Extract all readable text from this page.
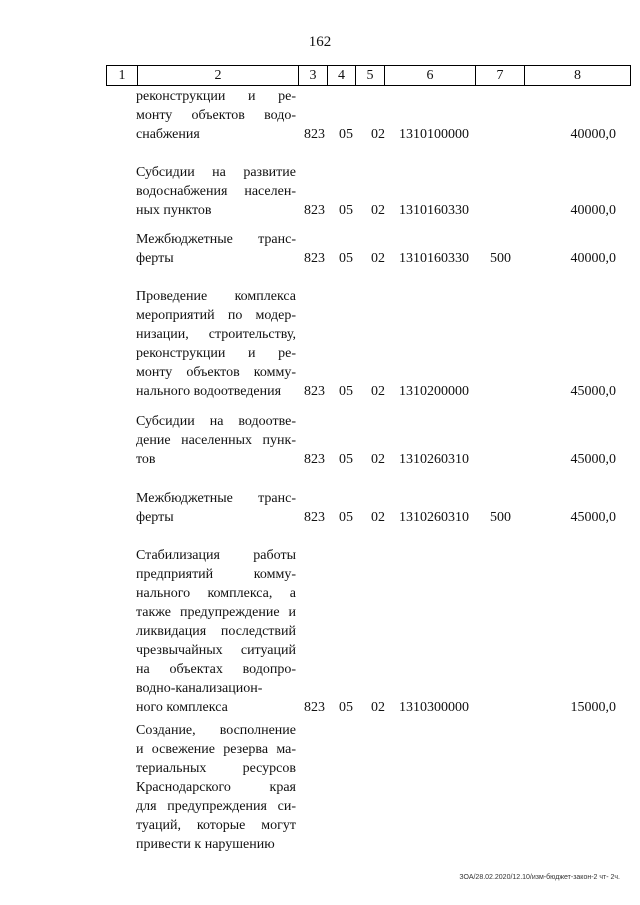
162
1	2	3	4	5	6	7	8
реконструкции и ре-
монту объектов водо-
снабжения	823 05 02 1310100000	40000,0
Субсидии на развитие
водоснабжения населен-
ных пунктов	823 05 02 1310160330	40000,0
Межбюджетные транс-
ферты	823 05 02 1310160330 500	40000,0
Проведение комплекса
мероприятий по модер-
низации, строительству,
реконструкции и ре-
монту объектов комму-
нального водоотведения	823 05 02 1310200000	45000,0
Субсидии на водоотве-
дение населенных пунк-
тов	823 05 02 1310260310	45000,0
Межбюджетные транс-
ферты	823 05 02 1310260310 500	45000,0
Стабилизация работы
предприятий комму-
нального комплекса, а
также предупреждение и
ликвидация последствий
чрезвычайных ситуаций
на объектах водопро-
водно-канализацион-
ного комплекса	823 05 02 1310300000	15000,0
Создание, восполнение
и освежение резерва ма-
териальных ресурсов
Краснодарского края
для предупреждения си-
туаций, которые могут
привести к нарушению
ЗОА/28.02.2020/12.10/изм-бюджет-закон-2 чт- 2ч.
